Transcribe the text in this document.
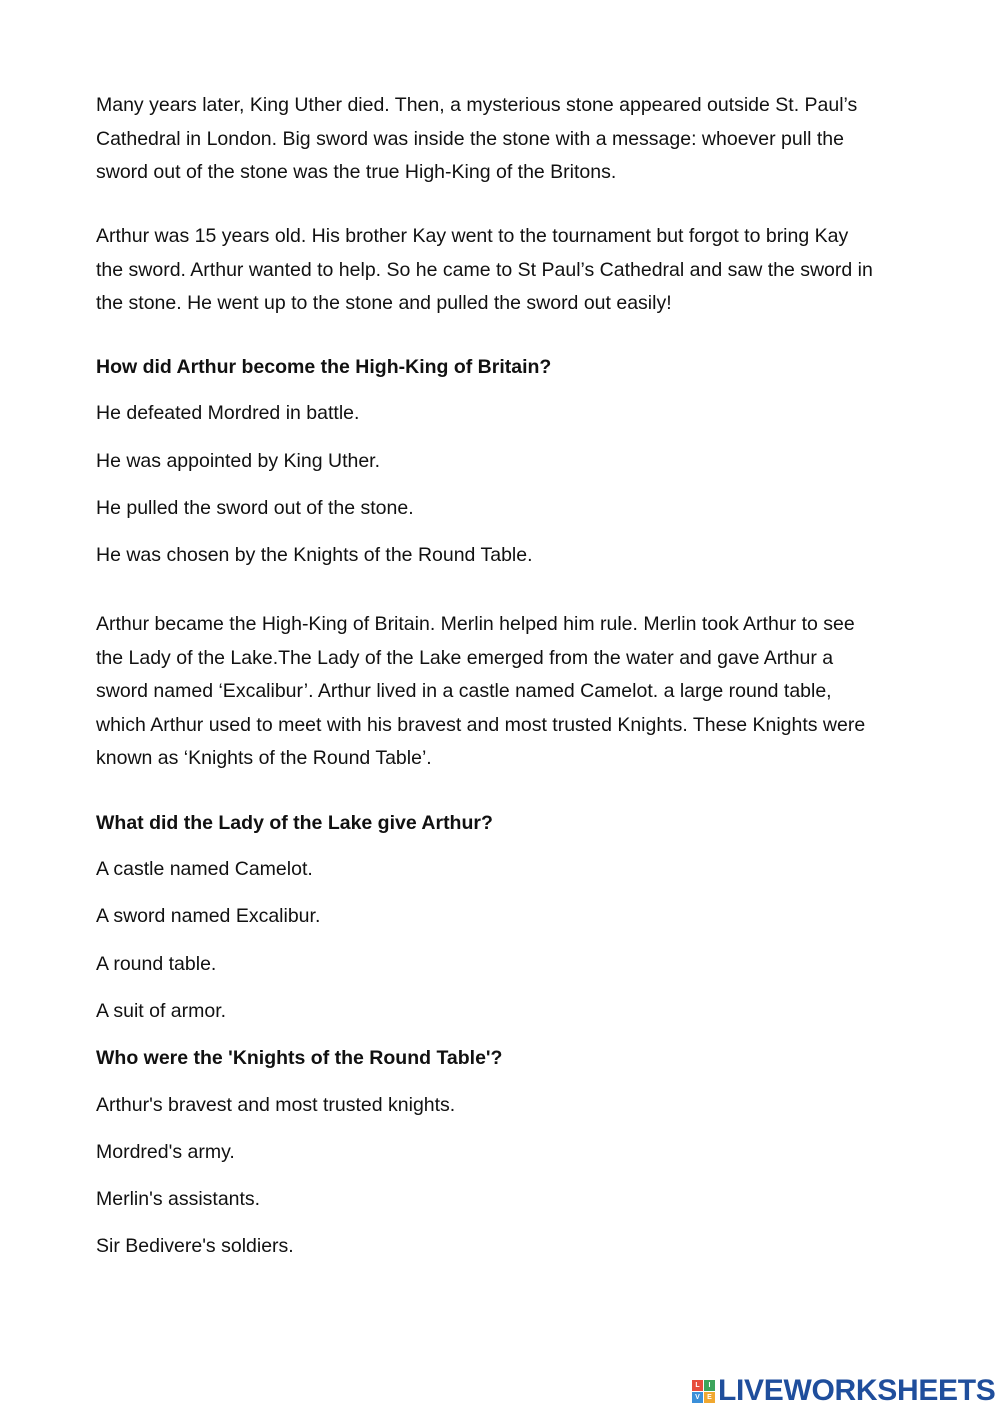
Many years later, King Uther died. Then, a mysterious stone appeared outside St. Paul’s
Cathedral in London. Big sword was inside the stone with a message: whoever pull the
sword out of the stone was the true High-King of the Britons.

Arthur was 15 years old. His brother Kay went to the tournament but forgot to bring Kay
the sword. Arthur wanted to help. So he came to St Paul’s Cathedral and saw the sword in
the stone. He went up to the stone and pulled the sword out easily!

How did Arthur become the High-King of Britain?

He defeated Mordred in battle.

He was appointed by King Uther.

He pulled the sword out of the stone.

He was chosen by the Knights of the Round Table.

Arthur became the High-King of Britain. Merlin helped him rule. Merlin took Arthur to see
the Lady of the Lake.The Lady of the Lake emerged from the water and gave Arthur a
sword named ‘Excalibur’. Arthur lived in a castle named Camelot. a large round table,
which Arthur used to meet with his bravest and most trusted Knights. These Knights were
known as ‘Knights of the Round Table’.

What did the Lady of the Lake give Arthur?

A castle named Camelot.

A sword named Excalibur.

A round table.

A suit of armor.

Who were the 'Knights of the Round Table'?

Arthur's bravest and most trusted knights.

Mordred's army.

Merlin's assistants.

Sir Bedivere's soldiers.

L	I
V	E LIVEWORKSHEETS
